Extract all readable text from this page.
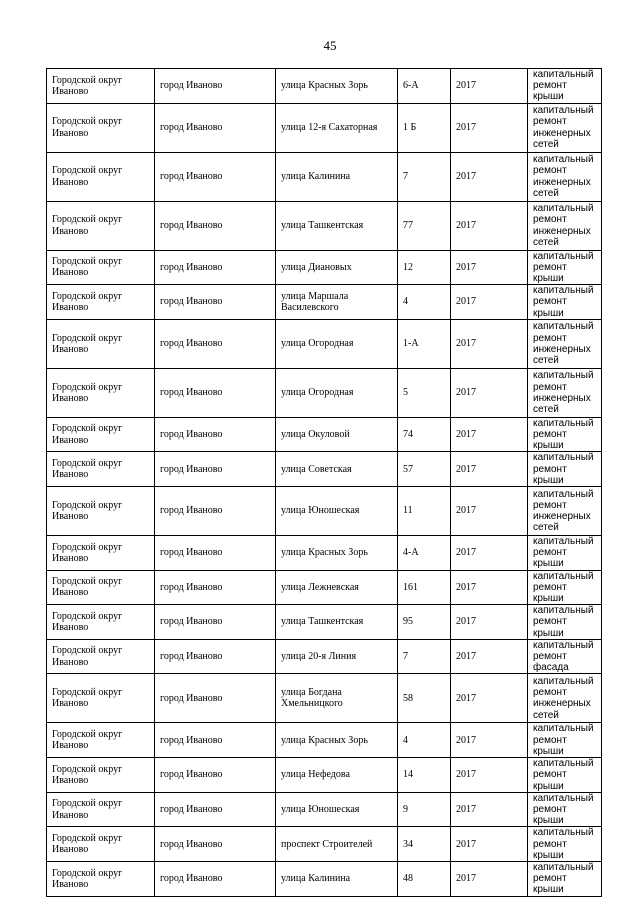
45
Городской округ Иваново	город Иваново	улица Красных Зорь	6-А	2017	капитальный ремонт крыши
Городской округ Иваново	город Иваново	улица 12-я Сахаторная	1 Б	2017	капитальный ремонт инженерных сетей
Городской округ Иваново	город Иваново	улица Калинина	7	2017	капитальный ремонт инженерных сетей
Городской округ Иваново	город Иваново	улица Ташкентская	77	2017	капитальный ремонт инженерных сетей
Городской округ Иваново	город Иваново	улица Диановых	12	2017	капитальный ремонт крыши
Городской округ Иваново	город Иваново	улица Маршала Василевского	4	2017	капитальный ремонт крыши
Городской округ Иваново	город Иваново	улица Огородная	1-А	2017	капитальный ремонт инженерных сетей
Городской округ Иваново	город Иваново	улица Огородная	5	2017	капитальный ремонт инженерных сетей
Городской округ Иваново	город Иваново	улица Окуловой	74	2017	капитальный ремонт крыши
Городской округ Иваново	город Иваново	улица Советская	57	2017	капитальный ремонт крыши
Городской округ Иваново	город Иваново	улица Юношеская	11	2017	капитальный ремонт инженерных сетей
Городской округ Иваново	город Иваново	улица Красных Зорь	4-А	2017	капитальный ремонт крыши
Городской округ Иваново	город Иваново	улица Лежневская	161	2017	капитальный ремонт крыши
Городской округ Иваново	город Иваново	улица Ташкентская	95	2017	капитальный ремонт крыши
Городской округ Иваново	город Иваново	улица 20-я Линия	7	2017	капитальный ремонт фасада
Городской округ Иваново	город Иваново	улица Богдана Хмельницкого	58	2017	капитальный ремонт инженерных сетей
Городской округ Иваново	город Иваново	улица Красных Зорь	4	2017	капитальный ремонт крыши
Городской округ Иваново	город Иваново	улица Нефедова	14	2017	капитальный ремонт крыши
Городской округ Иваново	город Иваново	улица Юношеская	9	2017	капитальный ремонт крыши
Городской округ Иваново	город Иваново	проспект Строителей	34	2017	капитальный ремонт крыши
Городской округ Иваново	город Иваново	улица Калинина	48	2017	капитальный ремонт крыши
